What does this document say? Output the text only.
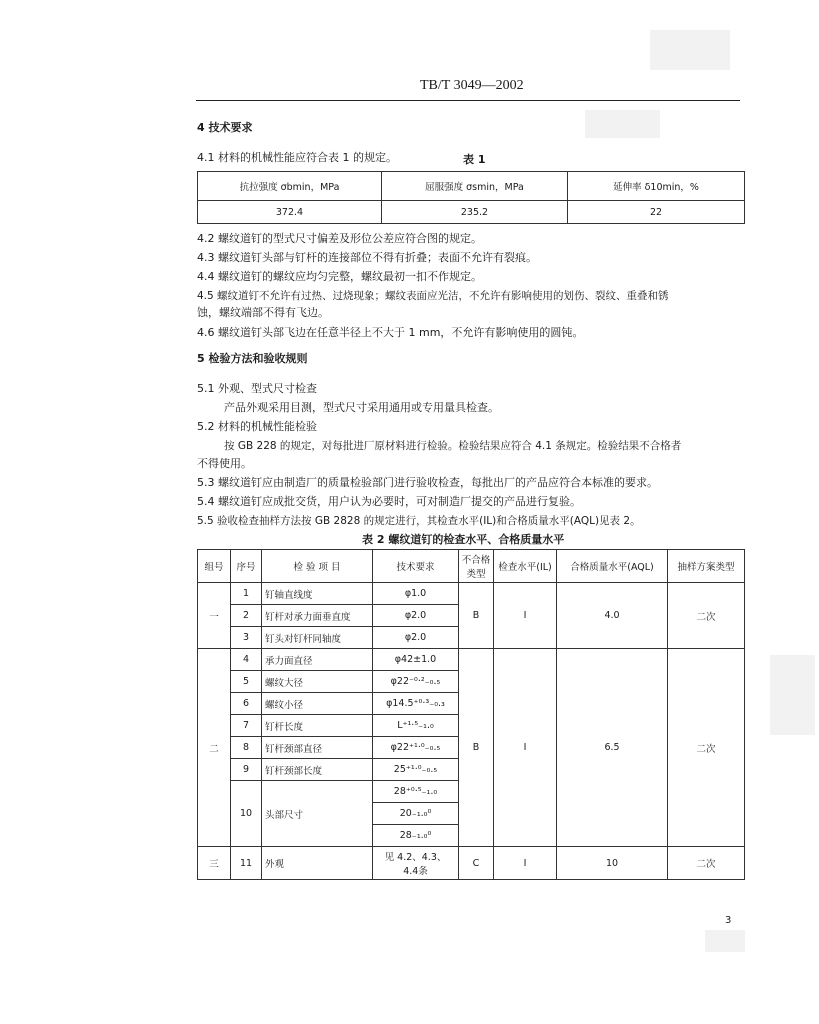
TB/T 3049—2002
4 技术要求
4.1 材料的机械性能应符合表 1 的规定。	表 1
抗拉强度 σbmin，MPa	屈服强度 σsmin，MPa	延伸率 δ10min，%
372.4	235.2	22
4.2 螺纹道钉的型式尺寸偏差及形位公差应符合图的规定。
4.3 螺纹道钉头部与钉杆的连接部位不得有折叠；表面不允许有裂痕。
4.4 螺纹道钉的螺纹应均匀完整，螺纹最初一扣不作规定。
4.5 螺纹道钉不允许有过热、过烧现象；螺纹表面应光洁，不允许有影响使用的划伤、裂纹、重叠和锈
蚀，螺纹端部不得有飞边。
4.6 螺纹道钉头部飞边在任意半径上不大于 1 mm，不允许有影响使用的圆钝。
5 检验方法和验收规则
5.1 外观、型式尺寸检查
产品外观采用目测，型式尺寸采用通用或专用量具检查。
5.2 材料的机械性能检验
按 GB 228 的规定，对每批进厂原材料进行检验。检验结果应符合 4.1 条规定。检验结果不合格者
不得使用。
5.3 螺纹道钉应由制造厂的质量检验部门进行验收检查，每批出厂的产品应符合本标准的要求。
5.4 螺纹道钉应成批交货，用户认为必要时，可对制造厂提交的产品进行复验。
5.5 验收检查抽样方法按 GB 2828 的规定进行，其检查水平(IL)和合格质量水平(AQL)见表 2。
表 2 螺纹道钉的检查水平、合格质量水平
组号	序号	检 验 项 目	技术要求	不合格类型	检查水平(IL)	合格质量水平(AQL)	抽样方案类型
一	1	钉轴直线度	φ1.0	B	I	4.0	二次
	2	钉杆对承力面垂直度	φ2.0				
	3	钉头对钉杆同轴度	φ2.0				
二	4	承力面直径	φ42±1.0	B	I	6.5	二次
	5	螺纹大径	φ22⁻⁰·²₋₀.₅				
	6	螺纹小径	φ14.5⁺⁰·³₋₀.₃				
	7	钉杆长度	L⁺¹·⁵₋₁.₀				
	8	钉杆颈部直径	φ22⁺¹·⁰₋₀.₅				
	9	钉杆颈部长度	25⁺¹·⁰₋₀.₅				
	10	头部尺寸	28⁺⁰·⁵₋₁.₀				
			20₋₁.₀⁰				
			28₋₁.₀⁰				
三	11	外观	见 4.2、4.3、4.4条	C	I	10	二次
3
